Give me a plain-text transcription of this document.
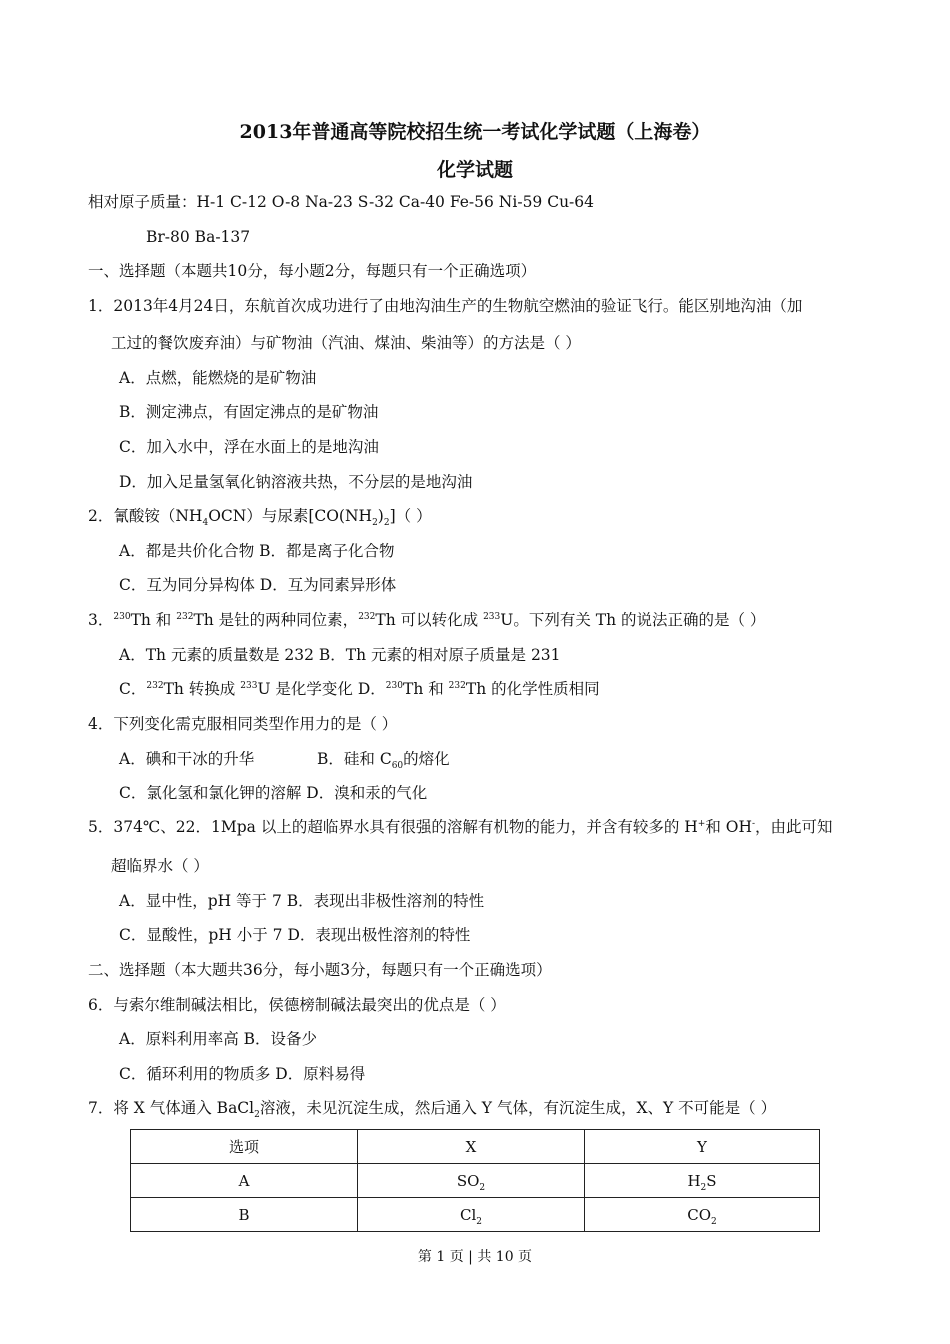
2013年普通高等院校招生统一考试化学试题（上海卷）
化学试题
相对原子质量：H-1 C-12 O-8 Na-23 S-32 Ca-40 Fe-56 Ni-59 Cu-64
Br-80 Ba-137
一、选择题（本题共10分，每小题2分，每题只有一个正确选项）
1．2013年4月24日，东航首次成功进行了由地沟油生产的生物航空燃油的验证飞行。能区别地沟油（加
工过的餐饮废弃油）与矿物油（汽油、煤油、柴油等）的方法是（ ）
A．点燃，能燃烧的是矿物油
B．测定沸点，有固定沸点的是矿物油
C．加入水中，浮在水面上的是地沟油
D．加入足量氢氧化钠溶液共热，不分层的是地沟油
2．氰酸铵$(NH_4OCN)$与尿素$[CO(NH_2)_2]$（ ）
A．都是共价化合物 B．都是离子化合物
C．互为同分异构体 D．互为同素异形体
3．$^{230}$Th 和 $^{232}$Th 是钍的两种同位素，$^{232}$Th 可以转化成 $^{233}$U。下列有关 Th 的说法正确的是（ ）
A．Th 元素的质量数是 232 B．Th 元素的相对原子质量是 231
C．$^{232}$Th 转换成 $^{233}$U 是化学变化 D．$^{230}$Th 和 $^{232}$Th 的化学性质相同
4．下列变化需克服相同类型作用力的是（ ）
A．碘和干冰的升华	B．硅和 $C_{60}$的熔化
C．氯化氢和氯化钾的溶解 D．溴和汞的气化
5．374℃、22．1Mpa 以上的超临界水具有很强的溶解有机物的能力，并含有较多的 H+和 OH-，由此可知
超临界水（ ）
A．显中性，pH 等于 7 B．表现出非极性溶剂的特性
C．显酸性，pH 小于 7 D．表现出极性溶剂的特性
二、选择题（本大题共36分，每小题3分，每题只有一个正确选项）
6．与索尔维制碱法相比，侯德榜制碱法最突出的优点是（ ）
A．原料利用率高 B．设备少
C．循环利用的物质多 D．原料易得
7．将 X 气体通入 BaCl$_2$溶液，未见沉淀生成，然后通入 Y 气体，有沉淀生成，X、Y 不可能是（ ）
选项	X	Y
A	$SO_2$	$H_2S$
B	$Cl_2$	$CO_2$
第 1 页 | 共 10 页
